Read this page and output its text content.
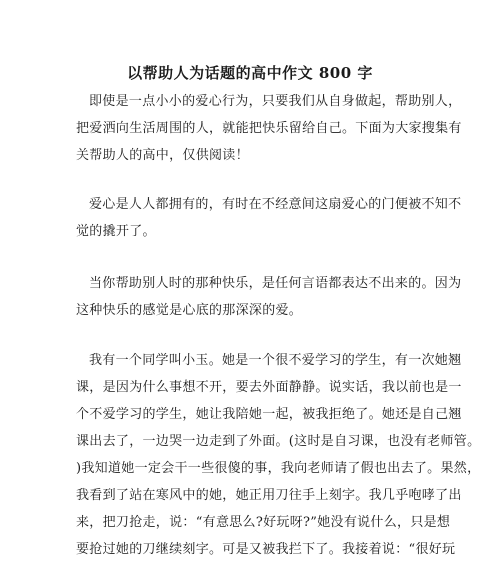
以帮助人为话题的高中作文 800 字
即使是一点小小的爱心行为，只要我们从自身做起，帮助别人，
把爱洒向生活周围的人，就能把快乐留给自己。下面为大家搜集有
关帮助人的高中，仅供阅读！
爱心是人人都拥有的，有时在不经意间这扇爱心的门便被不知不
觉的撬开了。
当你帮助别人时的那种快乐，是任何言语都表达不出来的。因为
这种快乐的感觉是心底的那深深的爱。
我有一个同学叫小玉。她是一个很不爱学习的学生，有一次她翘
课，是因为什么事想不开，要去外面静静。说实话，我以前也是一
个不爱学习的学生，她让我陪她一起，被我拒绝了。她还是自己翘
课出去了，一边哭一边走到了外面。(这时是自习课，也没有老师管。
)我知道她一定会干一些很傻的事，我向老师请了假也出去了。果然，
我看到了站在寒风中的她，她正用刀往手上刻字。我几乎咆哮了出
来，把刀抢走，说：“有意思么?好玩呀?”她没有说什么，只是想
要抢过她的刀继续刻字。可是又被我拦下了。我接着说：“很好玩
